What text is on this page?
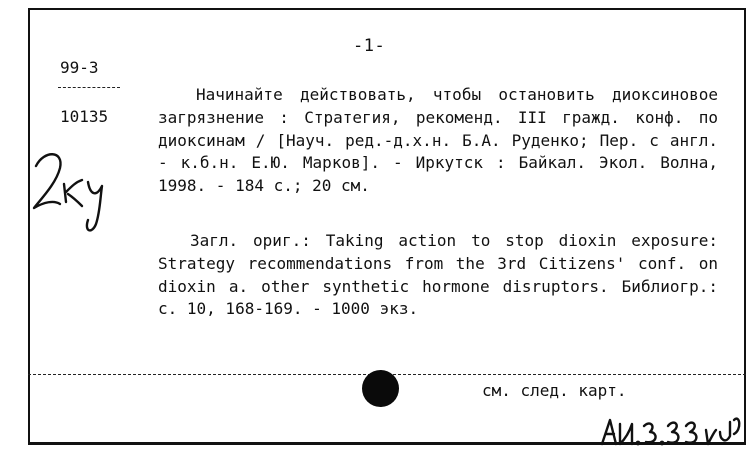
-1-
99-3
10135
Начинайте действовать, чтобы остановить диоксиновое загрязнение : Стратегия, рекоменд. III гражд. конф. по диоксинам / [Науч. ред.-д.х.н. Б.А. Руденко; Пер. с англ. - к.б.н. Е.Ю. Марков]. - Иркутск : Байкал. Экол. Волна, 1998. - 184 с.; 20 см.
Загл. ориг.: Taking action to stop dioxin exposure: Strategy recommendations from the 3rd Citizens' conf. on dioxin a. other synthetic hormone disruptors. Библиогр.: с. 10, 168-169. - 1000 экз.
см. след. карт.
